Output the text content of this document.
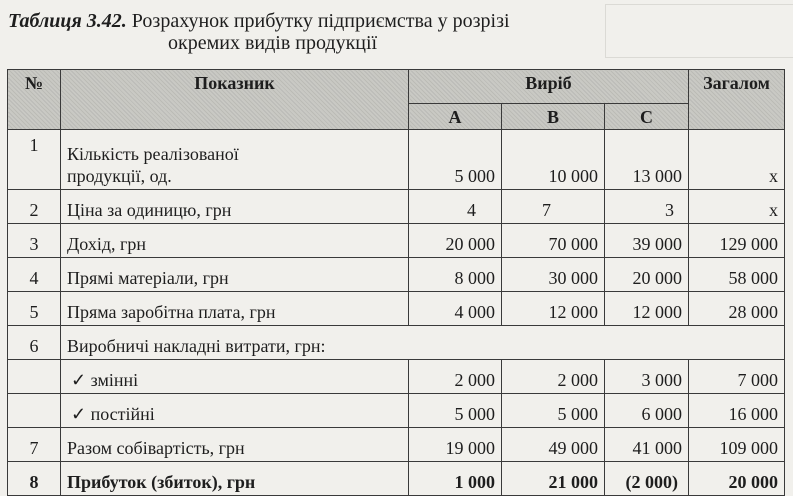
Таблиця 3.42. Розрахунок прибутку підприємства у розрізі
окремих видів продукції
№	Показник	Виріб			Загалом
		A	B	C	
1	Кількість реалізованої
продукції, од.	5 000	10 000	13 000	x
2	Ціна за одиницю, грн	4	7	3	x
3	Дохід, грн	20 000	70 000	39 000	129 000
4	Прямі матеріали, грн	8 000	30 000	20 000	58 000
5	Пряма заробітна плата, грн	4 000	12 000	12 000	28 000
6	Виробничі накладні витрати, грн:				
	✓ змінні	2 000	2 000	3 000	7 000
	✓ постійні	5 000	5 000	6 000	16 000
7	Разом собівартість, грн	19 000	49 000	41 000	109 000
8	Прибуток (збиток), грн	1 000	21 000	(2 000)	20 000
